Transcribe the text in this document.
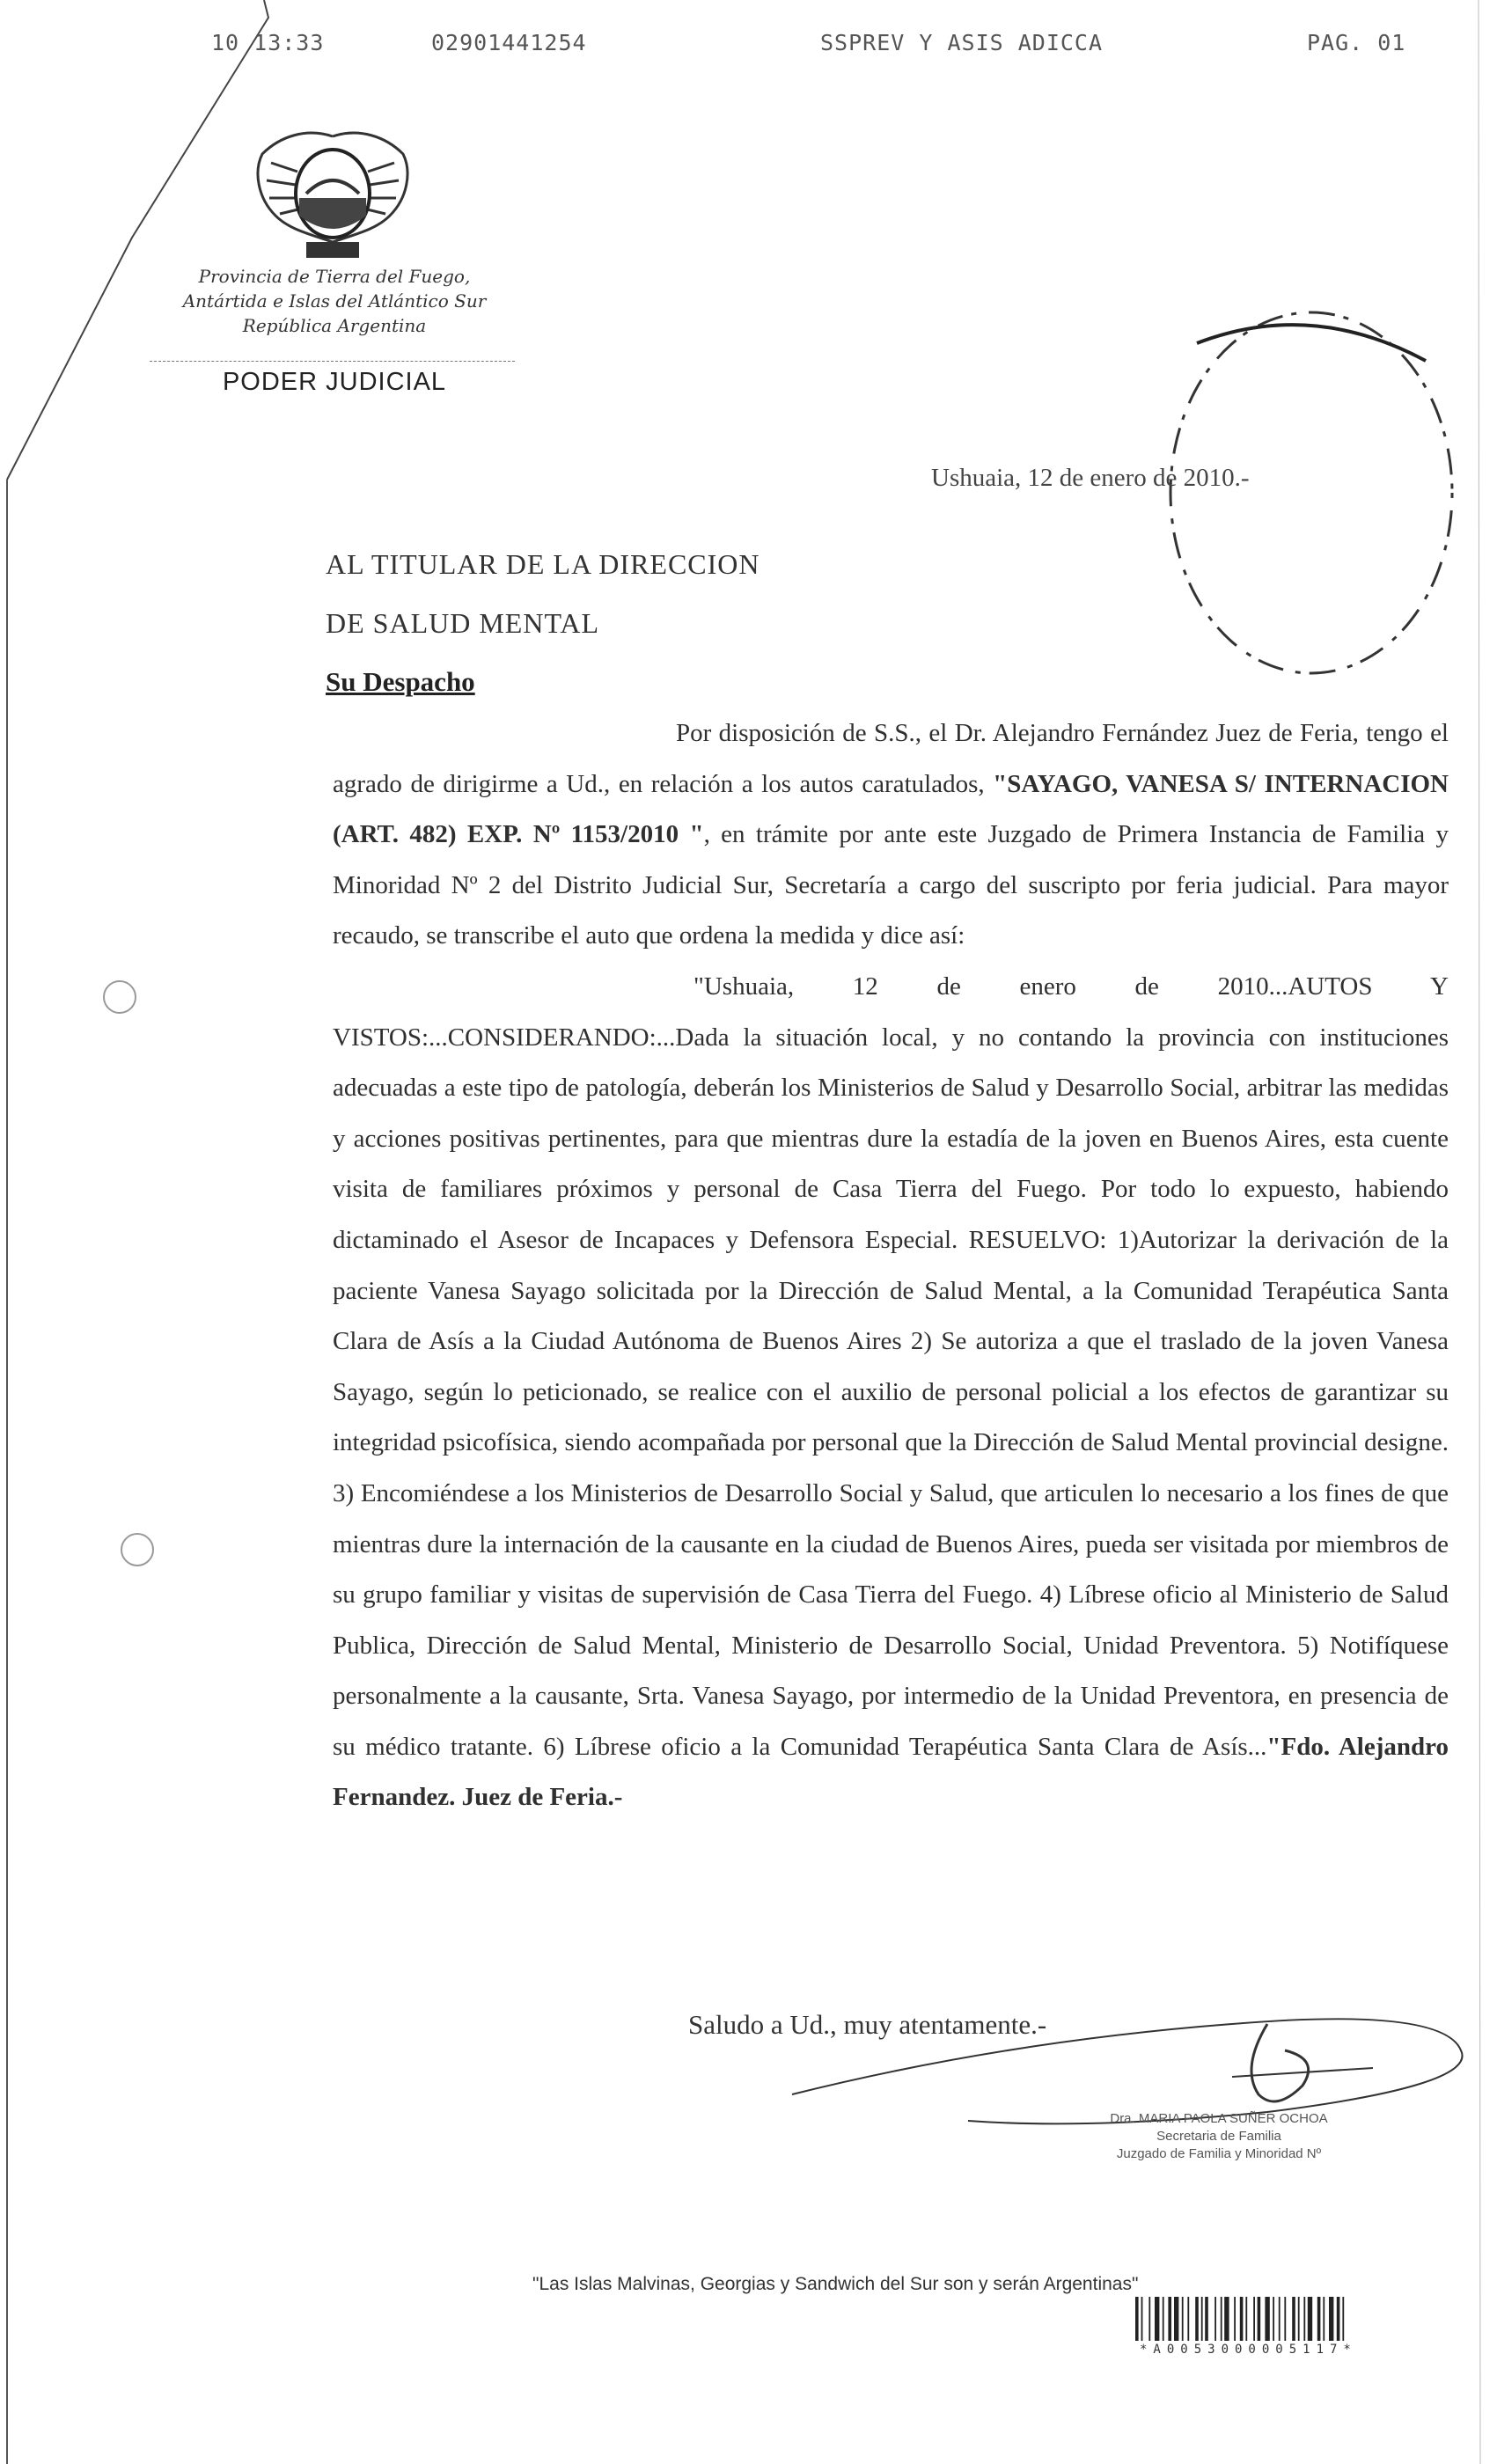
10 13:33	02901441254	SSPREV Y ASIS ADICCA	PAG. 01
Provincia de Tierra del Fuego,
Antártida e Islas del Atlántico Sur
República Argentina
PODER JUDICIAL
Ushuaia, 12 de enero de 2010.-
AL TITULAR DE LA DIRECCION
DE SALUD MENTAL
Su Despacho

Por disposición de S.S., el Dr. Alejandro Fernández Juez de Feria, tengo el agrado de dirigirme a Ud., en relación a los autos caratulados, "SAYAGO, VANESA S/ INTERNACION (ART. 482) EXP. Nº 1153/2010 ", en trámite por ante este Juzgado de Primera Instancia de Familia y Minoridad Nº 2 del Distrito Judicial Sur, Secretaría a cargo del suscripto por feria judicial. Para mayor recaudo, se transcribe el auto que ordena la medida y dice así:

"Ushuaia, 12 de enero de 2010...AUTOS Y VISTOS:...CONSIDERANDO:...Dada la situación local, y no contando la provincia con instituciones adecuadas a este tipo de patología, deberán los Ministerios de Salud y Desarrollo Social, arbitrar las medidas y acciones positivas pertinentes, para que mientras dure la estadía de la joven en Buenos Aires, esta cuente visita de familiares próximos y personal de Casa Tierra del Fuego. Por todo lo expuesto, habiendo dictaminado el Asesor de Incapaces y Defensora Especial. RESUELVO: 1)Autorizar la derivación de la paciente Vanesa Sayago solicitada por la Dirección de Salud Mental, a la Comunidad Terapéutica Santa Clara de Asís a la Ciudad Autónoma de Buenos Aires 2) Se autoriza a que el traslado de la joven Vanesa Sayago, según lo peticionado, se realice con el auxilio de personal policial a los efectos de garantizar su integridad psicofísica, siendo acompañada por personal que la Dirección de Salud Mental provincial designe. 3) Encomiéndese a los Ministerios de Desarrollo Social y Salud, que articulen lo necesario a los fines de que mientras dure la internación de la causante en la ciudad de Buenos Aires, pueda ser visitada por miembros de su grupo familiar y visitas de supervisión de Casa Tierra del Fuego. 4) Líbrese oficio al Ministerio de Salud Publica, Dirección de Salud Mental, Ministerio de Desarrollo Social, Unidad Preventora. 5) Notifíquese personalmente a la causante, Srta. Vanesa Sayago, por intermedio de la Unidad Preventora, en presencia de su médico tratante. 6) Líbrese oficio a la Comunidad Terapéutica Santa Clara de Asís..."Fdo. Alejandro Fernandez. Juez de Feria.-

Saludo a Ud., muy atentamente.-
Dra. MARIA PAOLA SUÑER OCHOA
Secretaria de Familia
Juzgado de Familia y Minoridad Nº
"Las Islas Malvinas, Georgias y Sandwich del Sur son y serán Argentinas"
*A0053000005117*
